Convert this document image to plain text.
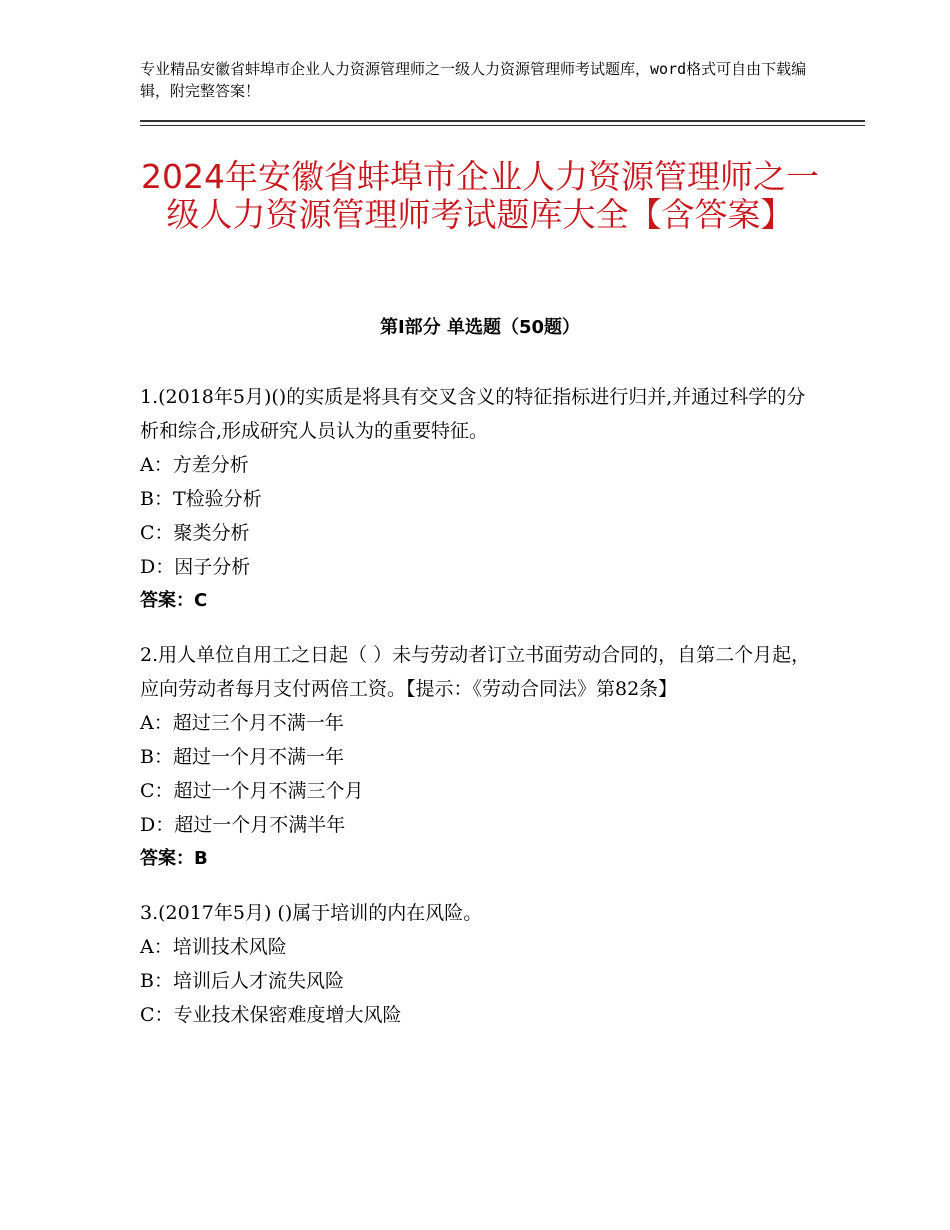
专业精品安徽省蚌埠市企业人力资源管理师之一级人力资源管理师考试题库，word格式可自由下载编辑，附完整答案！
2024年安徽省蚌埠市企业人力资源管理师之一级人力资源管理师考试题库大全【含答案】
第Ⅰ部分 单选题（50题）

1.(2018年5月)()的实质是将具有交叉含义的特征指标进行归并,并通过科学的分析和综合,形成研究人员认为的重要特征。

A：方差分析

B：T检验分析

C：聚类分析

D：因子分析

答案：C

2.用人单位自用工之日起（ ）未与劳动者订立书面劳动合同的，自第二个月起，应向劳动者每月支付两倍工资。【提示：《劳动合同法》第82条】

A：超过三个月不满一年

B：超过一个月不满一年

C：超过一个月不满三个月

D：超过一个月不满半年

答案：B

3.(2017年5月) ()属于培训的内在风险。

A：培训技术风险

B：培训后人才流失风险

C：专业技术保密难度增大风险
